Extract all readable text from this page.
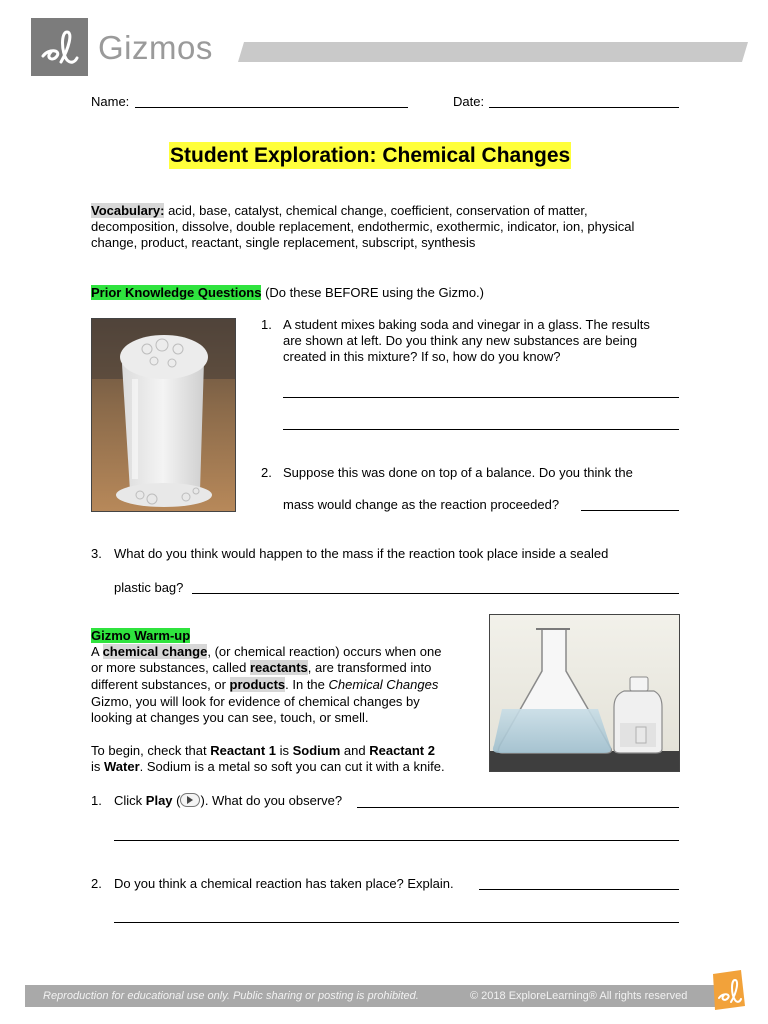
Gizmos
Name:	Date:
Student Exploration: Chemical Changes
Vocabulary: acid, base, catalyst, chemical change, coefficient, conservation of matter,
decomposition, dissolve, double replacement, endothermic, exothermic, indicator, ion, physical
change, product, reactant, single replacement, subscript, synthesis
Prior Knowledge Questions (Do these BEFORE using the Gizmo.)
1. A student mixes baking soda and vinegar in a glass. The results
are shown at left. Do you think any new substances are being
created in this mixture? If so, how do you know?
2. Suppose this was done on top of a balance. Do you think the
mass would change as the reaction proceeded?
3. What do you think would happen to the mass if the reaction took place inside a sealed
plastic bag?
Gizmo Warm-up
A chemical change, (or chemical reaction) occurs when one
or more substances, called reactants, are transformed into
different substances, or products. In the Chemical Changes
Gizmo, you will look for evidence of chemical changes by
looking at changes you can see, touch, or smell.
To begin, check that Reactant 1 is Sodium and Reactant 2
is Water. Sodium is a metal so soft you can cut it with a knife.
1. Click Play ( ). What do you observe?
2. Do you think a chemical reaction has taken place? Explain.
Reproduction for educational use only. Public sharing or posting is prohibited.	© 2018 ExploreLearning® All rights reserved
